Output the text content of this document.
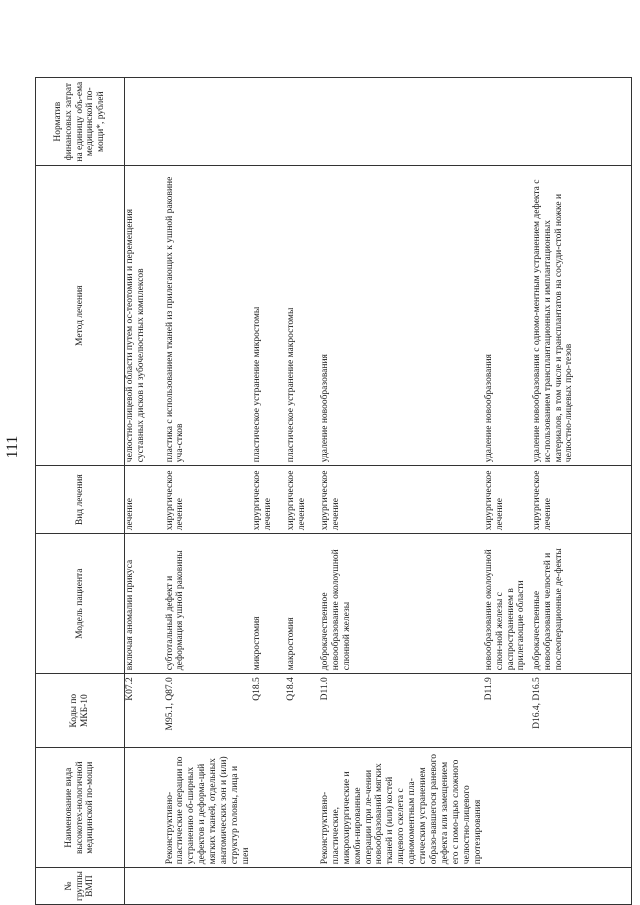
111
№ группы ВМП	Наименование вида высокотех-нологичной медицинской по-мощи	Коды по МКБ-10	Модель пациента	Вид лечения	Метод лечения	Норматив финансовых затрат на единицу объ-ема медицинской по-мощи*, рублей
		K07.2	включая аномалии прикуса	лечение	челюстно-лицевой области путем ос-теотомии и перемещения суставных дисков и зубочелюстных комплексов	
	Реконструктивно-пластические операции по устранению об-ширных дефектов и деформа-ций мягких тканей, отдельных анатомических зон и (или) структур головы, лица и шеи	M95.1, Q87.0	субтотальный дефект и деформация ушной раковины	хирургическое лечение	пластика с использованием тканей из прилегающих к ушной раковине уча-стков	
		Q18.5	микростомия	хирургическое лечение	пластическое устранение микростомы	
		Q18.4	макростомия	хирургическое лечение	пластическое устранение макростомы	
	Реконструктивно-пластические, микрохирургические и комби-нированные операции при ле-чении новообразований мягких тканей и (или) костей лицевого скелета с одномоментным пла-стическим устранением образо-вавшегося раневого дефекта или замещением его с помо-щью сложного челюстно-лицевого протезирования	D11.0	доброкачественное новообразование околоушной слюнной железы	хирургическое лечение	удаление новообразования	
		D11.9	новообразование околоушной слюн-ной железы с распространением в прилегающие области	хирургическое лечение	удаление новообразования	
		D16.4, D16.5	доброкачественные новообразования челюстей и послеоперационные де-фекты	хирургическое лечение	удаление новообразования с одномо-ментным устранением дефекта с ис-пользованием трансплантационных и имплантационных материалов, в том числе и трансплантатов на сосуди-стой ножке и челюстно-лицевых про-тезов	
